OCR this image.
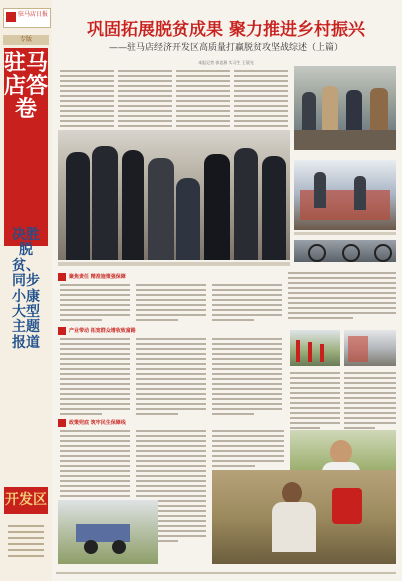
驻马店日报
专版
驻马店答卷
决胜脱贫、同步小康大型主题报道
开发区
巩固拓展脱贫成果 聚力推进乡村振兴
——驻马店经济开发区高质量打赢脱贫攻坚战综述（上篇）
本报记者 郭忠源 实习生 王晨光
聚焦责任 精准施策强保障
产业带动 拓宽群众增收致富路
政策兜底 筑牢民生保障线
